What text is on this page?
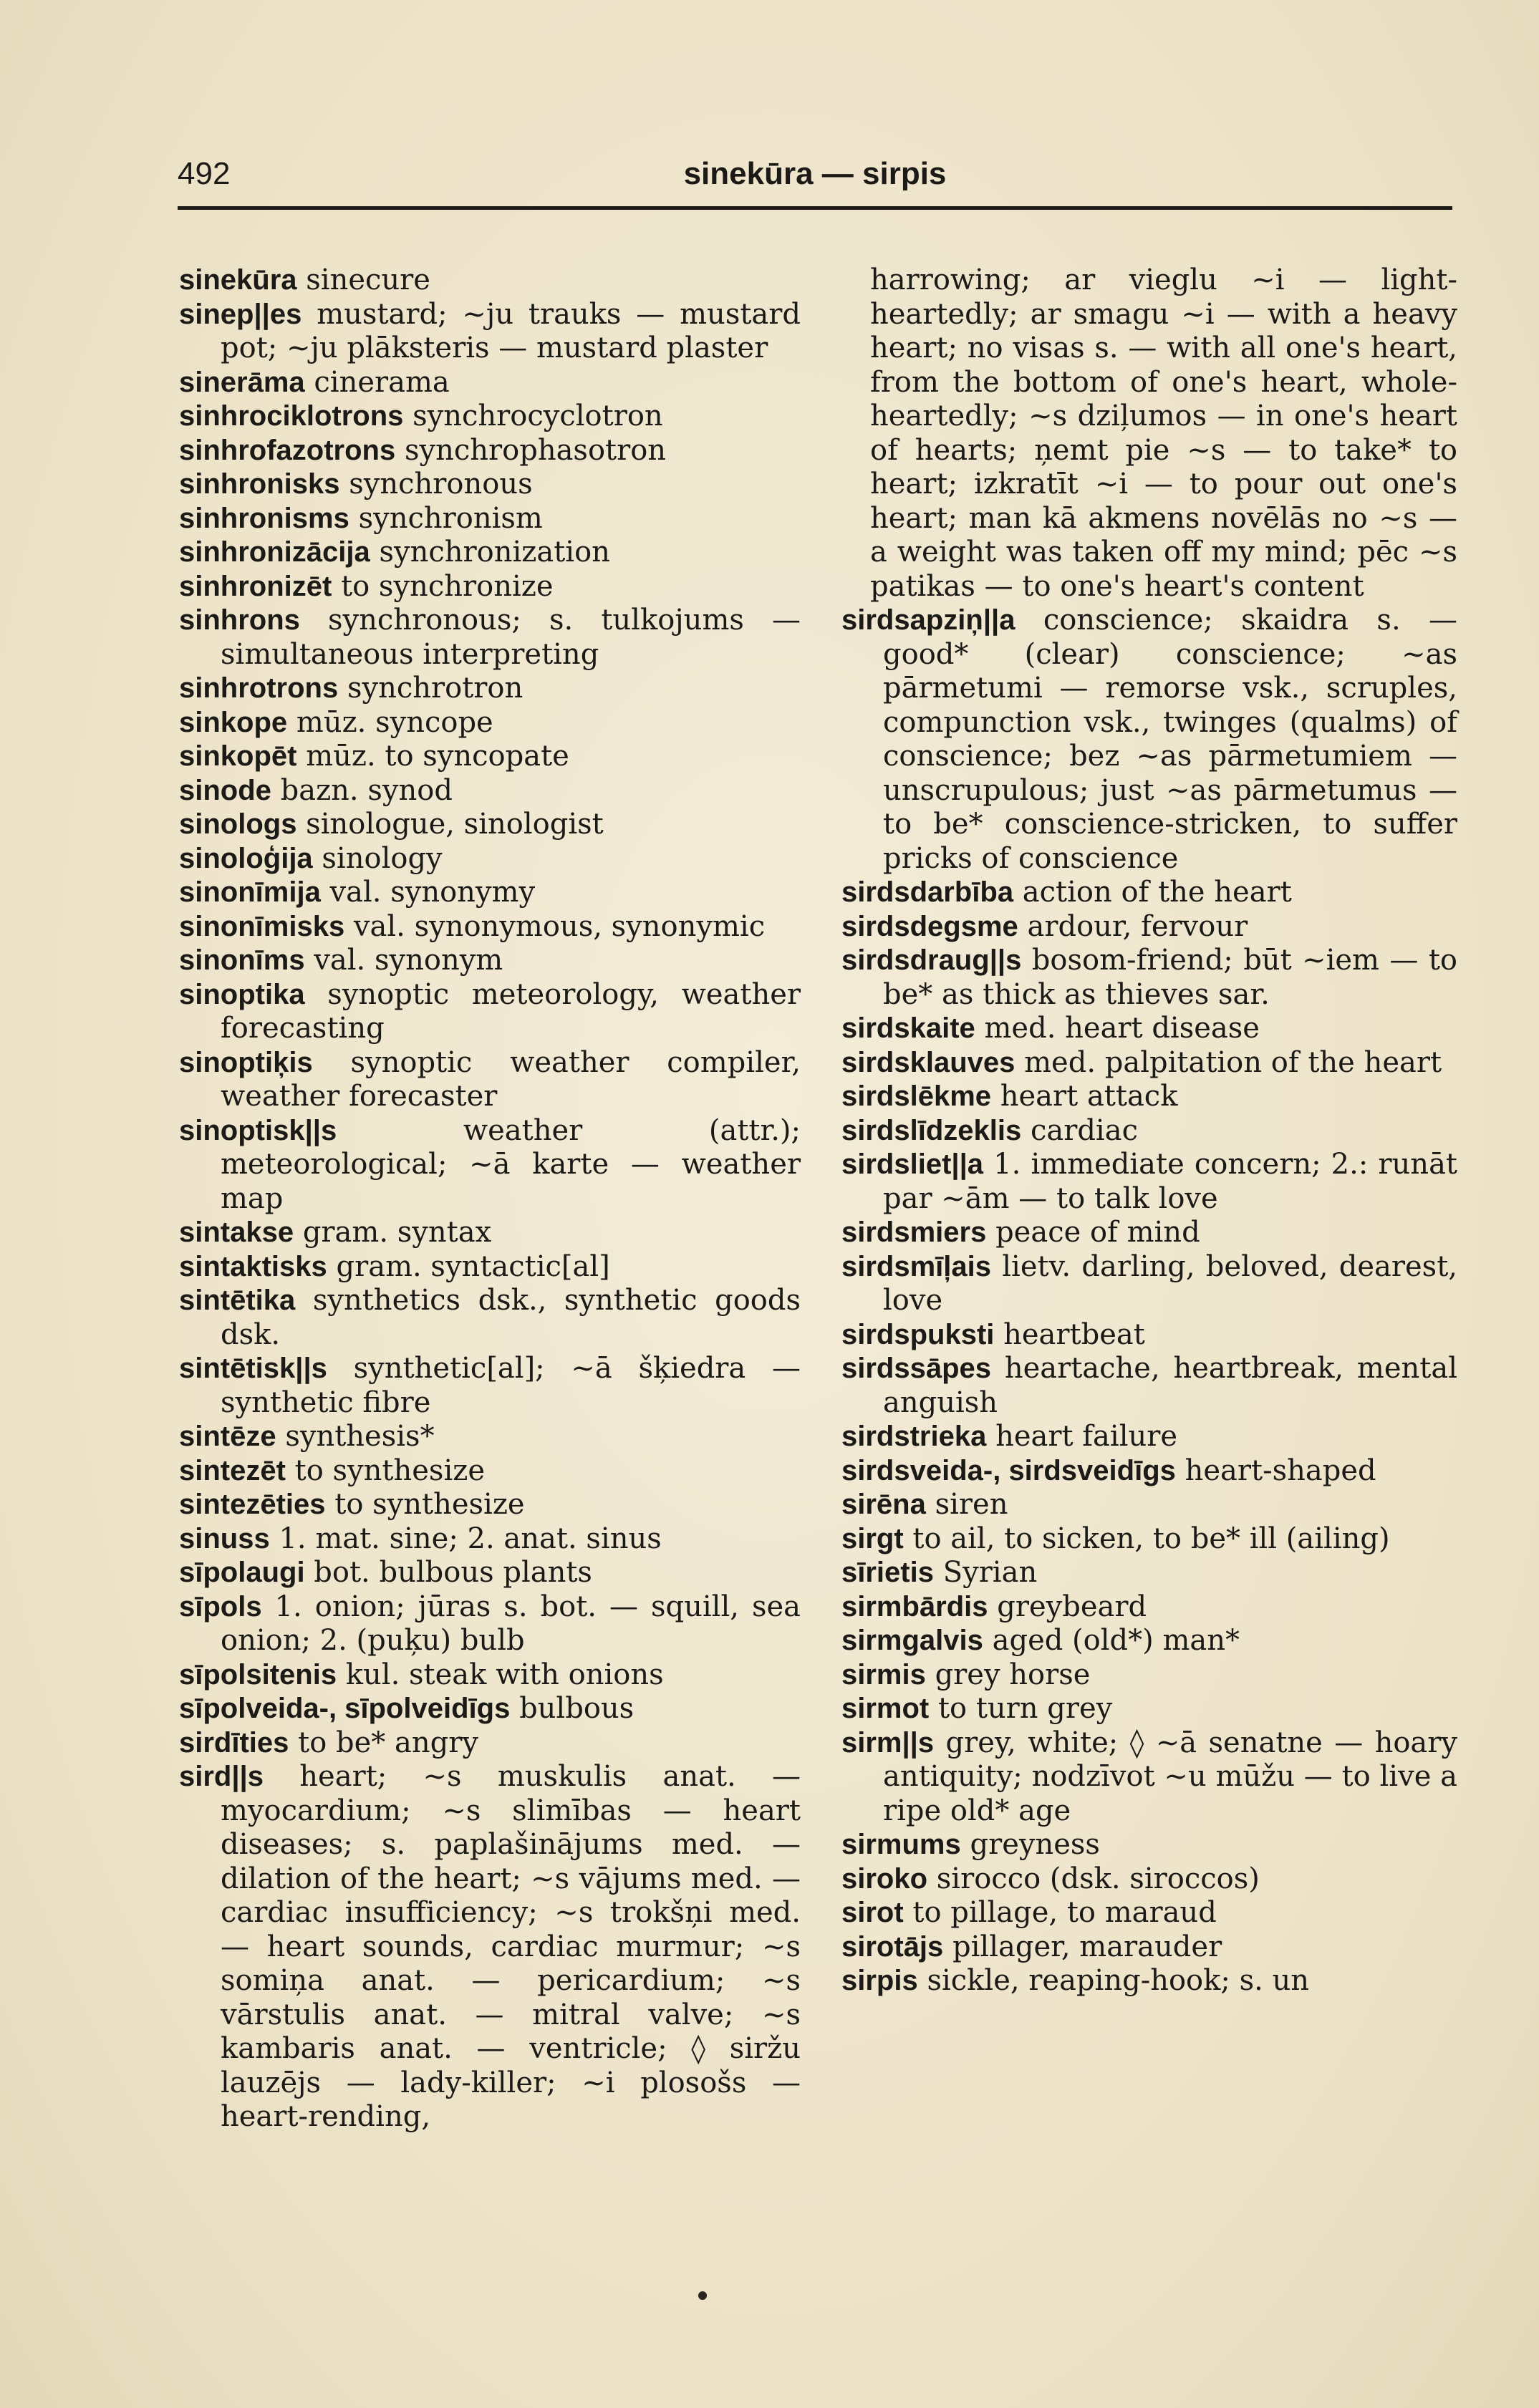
492	sinekūra — sirpis
sinekūra sinecure
sinep||es mustard; ~ju trauks — mustard pot; ~ju plāksteris — mustard plaster
sinerāma cinerama
sinhrociklotrons synchrocyclotron
sinhrofazotrons synchrophasotron
sinhronisks synchronous
sinhronisms synchronism
sinhronizācija synchronization
sinhronizēt to synchronize
sinhrons synchronous; s. tulkojums — simultaneous interpreting
sinhrotrons synchrotron
sinkope mūz. syncope
sinkopēt mūz. to syncopate
sinode bazn. synod
sinologs sinologue, sinologist
sinoloģija sinology
sinonīmija val. synonymy
sinonīmisks val. synonymous, synonymic
sinonīms val. synonym
sinoptika synoptic meteorology, weather forecasting
sinoptiķis synoptic weather compiler, weather forecaster
sinoptisk||s	weather (attr.); meteorological; ~ā karte — weather map
sintakse gram. syntax
sintaktisks gram. syntactic[al]
sintētika synthetics dsk., synthetic goods dsk.
sintētisk||s synthetic[al]; ~ā šķiedra — synthetic fibre
sintēze synthesis*
sintezēt to synthesize
sintezēties to synthesize
sinuss 1. mat. sine; 2. anat. sinus
sīpolaugi bot. bulbous plants
sīpols 1. onion; jūras s. bot. — squill, sea onion; 2. (puķu) bulb
sīpolsitenis kul. steak with onions
sīpolveida-, sīpolveidīgs bulbous
sirdīties to be* angry
sird||s heart; ~s muskulis anat. — myocardium; ~s slimības — heart diseases; s. paplašinājums med. — dilation of the heart; ~s vājums med. — cardiac insufficiency; ~s trokšņi med. — heart sounds, cardiac murmur; ~s somiņa anat. — pericardium; ~s vārstulis anat. — mitral valve; ~s kambaris anat. — ventricle; ◊ siržu lauzējs — lady-killer; ~i plosošs — heart-rending,
harrowing; ar vieglu ~i — light-heartedly; ar smagu ~i — with a heavy heart; no visas s. — with all one's heart, from the bottom of one's heart, whole-heartedly; ~s dziļumos — in one's heart of hearts; ņemt pie ~s — to take* to heart; izkratīt ~i — to pour out one's heart; man kā akmens novēlās no ~s — a weight was taken off my mind; pēc ~s patikas — to one's heart's content
sirdsapziņ||a conscience; skaidra s. — good* (clear) conscience; ~as pārmetumi — remorse vsk., scruples, compunction vsk., twinges (qualms) of conscience; bez ~as pārmetumiem — unscrupulous; just ~as pārmetumus — to be* conscience-stricken, to suffer pricks of conscience
sirdsdarbība action of the heart
sirdsdegsme ardour, fervour
sirdsdraug||s bosom-friend; būt ~iem — to be* as thick as thieves sar.
sirdskaite med. heart disease
sirdsklauves med. palpitation of the heart
sirdslēkme heart attack
sirdslīdzeklis cardiac
sirdsliet||a 1. immediate concern; 2.: runāt par ~ām — to talk love
sirdsmiers peace of mind
sirdsmīļais lietv. darling, beloved, dearest, love
sirdspuksti heartbeat
sirdssāpes heartache, heartbreak, mental anguish
sirdstrieka heart failure
sirdsveida-, sirdsveidīgs heart-shaped
sirēna siren
sirgt to ail, to sicken, to be* ill (ailing)
sīrietis Syrian
sirmbārdis greybeard
sirmgalvis aged (old*) man*
sirmis grey horse
sirmot to turn grey
sirm||s grey, white; ◊ ~ā senatne — hoary antiquity; nodzīvot ~u mūžu — to live a ripe old* age
sirmums greyness
siroko sirocco (dsk. siroccos)
sirot to pillage, to maraud
sirotājs pillager, marauder
sirpis sickle, reaping-hook; s. un
